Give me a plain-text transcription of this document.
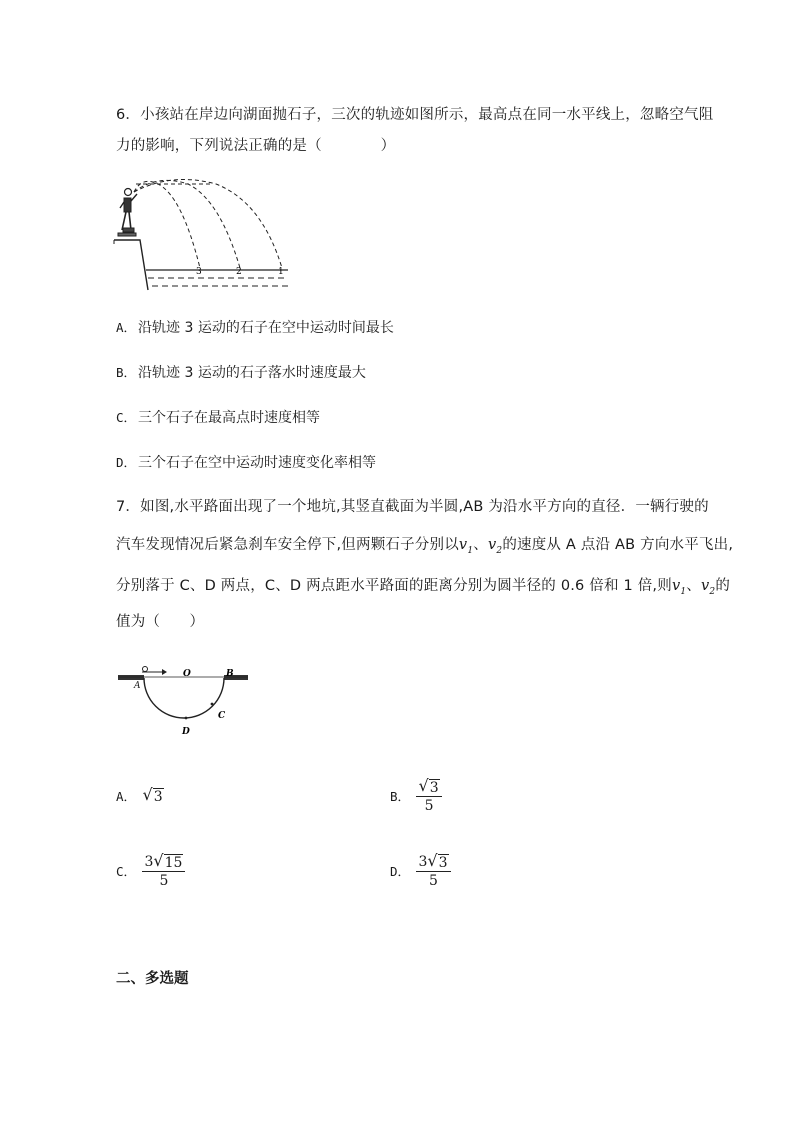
6．小孩站在岸边向湖面抛石子，三次的轨迹如图所示，最高点在同一水平线上，忽略空气阻
力的影响，下列说法正确的是（　　　　）
3	2	1
A． 沿轨迹 3 运动的石子在空中运动时间最长
B． 沿轨迹 3 运动的石子落水时速度最大
C． 三个石子在最高点时速度相等
D． 三个石子在空中运动时速度变化率相等
7．如图,水平路面出现了一个地坑,其竖直截面为半圆,AB 为沿水平方向的直径．一辆行驶的
汽车发现情况后紧急刹车安全停下,但两颗石子分别以$v_1$、$v_2$的速度从 A 点沿 AB 方向水平飞出,
分别落于 C、D 两点，C、D 两点距水平路面的距离分别为圆半径的 0.6 倍和 1 倍,则$v_1$、$v_2$的
值为（　　）
A
O	B
C
D
A． √ 3	B． $\frac{√ 3}{5}$
C． $\frac{3 √ 15}{5}$	D． $\frac{3 √ 3}{5}$
二、多选题
